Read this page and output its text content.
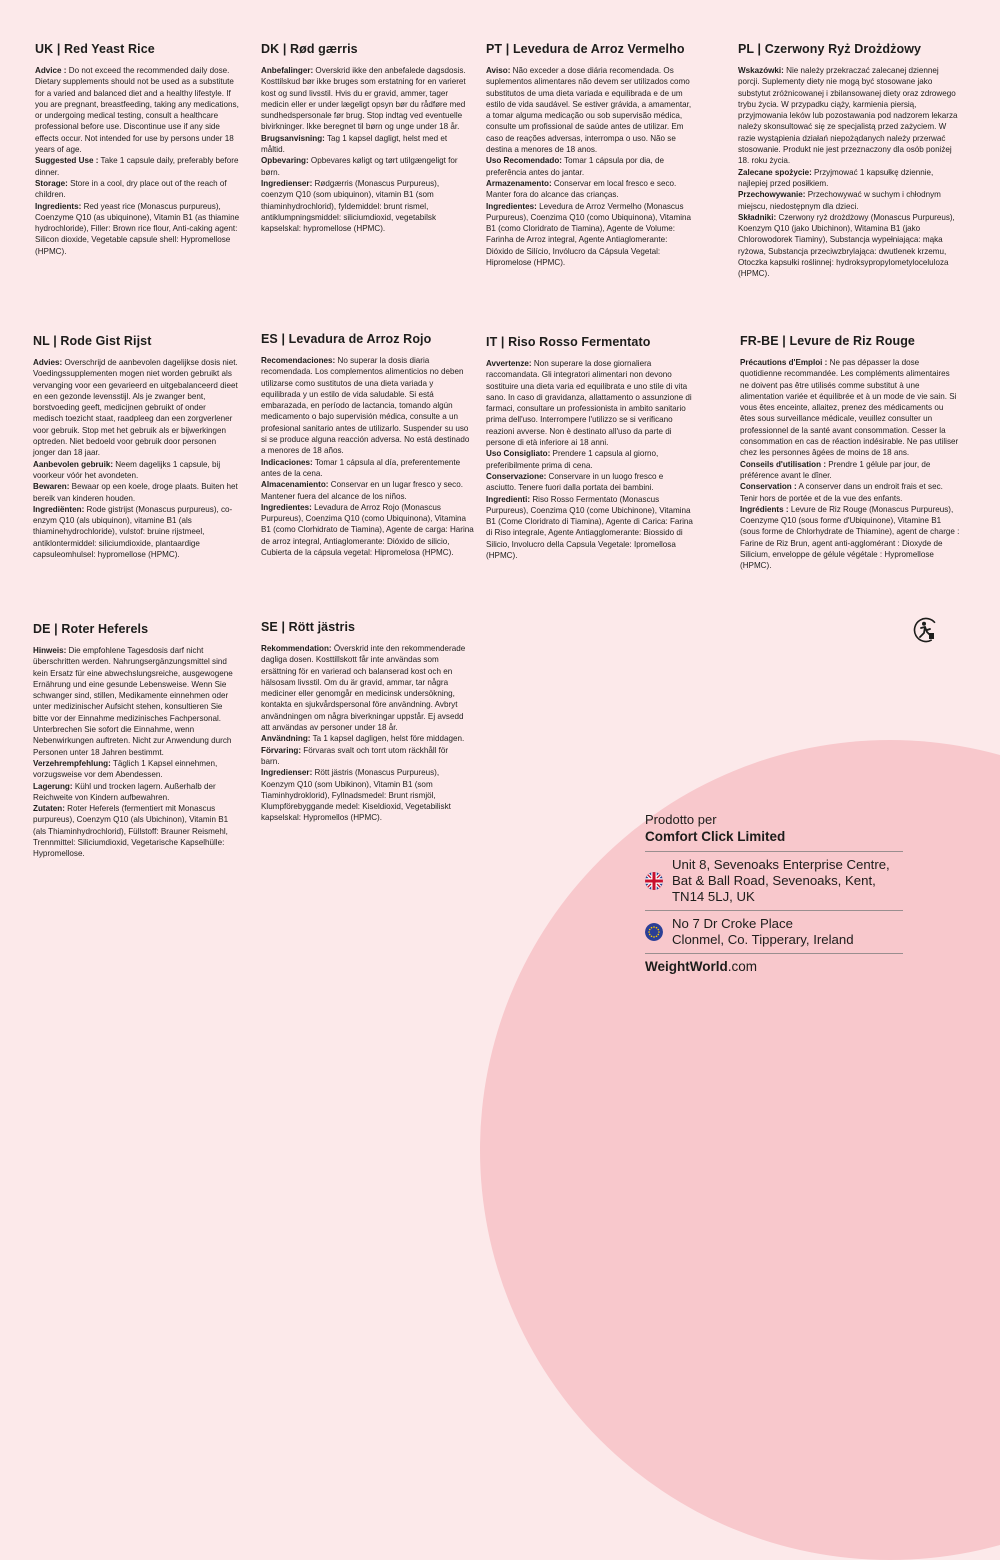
UK | Red Yeast Rice

Advice : Do not exceed the recommended daily dose. Dietary supplements should not be used as a substitute for a varied and balanced diet and a healthy lifestyle. If you are pregnant, breastfeeding, taking any medications, or undergoing medical testing, consult a healthcare professional before use. Discontinue use if any side effects occur. Not intended for use by persons under 18 years of age.

Suggested Use : Take 1 capsule daily, preferably before dinner.

Storage: Store in a cool, dry place out of the reach of children.

Ingredients: Red yeast rice (Monascus purpureus), Coenzyme Q10 (as ubiquinone), Vitamin B1 (as thiamine hydrochloride), Filler: Brown rice flour, Anti-caking agent: Silicon dioxide, Vegetable capsule shell: Hypromellose (HPMC).

DK | Rød gærris

Anbefalinger: Overskrid ikke den anbefalede dagsdosis. Kosttilskud bør ikke bruges som erstatning for en varieret kost og sund livsstil. Hvis du er gravid, ammer, tager medicin eller er under lægeligt opsyn bør du rådføre med sundhedspersonale før brug. Stop indtag ved eventuelle bivirkninger. Ikke beregnet til børn og unge under 18 år.

Brugsanvisning: Tag 1 kapsel dagligt, helst med et måltid.

Opbevaring: Opbevares køligt og tørt utilgængeligt for børn.

Ingredienser: Rødgærris (Monascus Purpureus), coenzym Q10 (som ubiquinon), vitamin B1 (som thiaminhydrochlorid), fyldemiddel: brunt rismel, antiklumpningsmiddel: siliciumdioxid, vegetabilsk kapselskal: hypromellose (HPMC).

PT | Levedura de Arroz Vermelho

Aviso: Não exceder a dose diária recomendada. Os suplementos alimentares não devem ser utilizados como substitutos de uma dieta variada e equilibrada e de um estilo de vida saudável. Se estiver grávida, a amamentar, a tomar alguma medicação ou sob supervisão médica, consulte um profissional de saúde antes de utilizar. Em caso de reações adversas, interrompa o uso. Não se destina a menores de 18 anos.

Uso Recomendado: Tomar 1 cápsula por dia, de preferência antes do jantar.

Armazenamento: Conservar em local fresco e seco. Manter fora do alcance das crianças.

Ingredientes: Levedura de Arroz Vermelho (Monascus Purpureus), Coenzima Q10 (como Ubiquinona), Vitamina B1 (como Cloridrato de Tiamina), Agente de Volume: Farinha de Arroz integral, Agente Antiaglomerante: Dióxido de Silício, Invólucro da Cápsula Vegetal: Hipromelose (HPMC).

PL | Czerwony Ryż Drożdżowy

Wskazówki: Nie należy przekraczać zalecanej dziennej porcji. Suplementy diety nie mogą być stosowane jako substytut zróżnicowanej i zbilansowanej diety oraz zdrowego trybu życia. W przypadku ciąży, karmienia piersią, przyjmowania leków lub pozostawania pod nadzorem lekarza należy skonsultować się ze specjalistą przed zażyciem. W razie wystąpienia działań niepożądanych należy przerwać stosowanie. Produkt nie jest przeznaczony dla osób poniżej 18. roku życia.

Zalecane spożycie: Przyjmować 1 kapsułkę dziennie, najlepiej przed posiłkiem.

Przechowywanie: Przechowywać w suchym i chłodnym miejscu, niedostępnym dla dzieci.

Składniki: Czerwony ryż drożdżowy (Monascus Purpureus), Koenzym Q10 (jako Ubichinon), Witamina B1 (jako Chlorowodorek Tiaminy), Substancja wypełniająca: mąka ryżowa, Substancja przeciwzbrylająca: dwutlenek krzemu, Otoczka kapsułki roślinnej: hydroksypropylometyloceluloza (HPMC).

NL | Rode Gist Rijst

Advies: Overschrijd de aanbevolen dagelijkse dosis niet. Voedingssupplementen mogen niet worden gebruikt als vervanging voor een gevarieerd en uitgebalanceerd dieet en een gezonde levensstijl. Als je zwanger bent, borstvoeding geeft, medicijnen gebruikt of onder medisch toezicht staat, raadpleeg dan een zorgverlener voor gebruik. Stop met het gebruik als er bijwerkingen optreden. Niet bedoeld voor gebruik door personen jonger dan 18 jaar.

Aanbevolen gebruik: Neem dagelijks 1 capsule, bij voorkeur vóór het avondeten.

Bewaren: Bewaar op een koele, droge plaats. Buiten het bereik van kinderen houden.

Ingrediënten: Rode gistrijst (Monascus purpureus), co-enzym Q10 (als ubiquinon), vitamine B1 (als thiaminehydrochloride), vulstof: bruine rijstmeel, antiklontermiddel: siliciumdioxide, plantaardige capsuleomhulsel: hypromellose (HPMC).

ES | Levadura de Arroz Rojo

Recomendaciones: No superar la dosis diaria recomendada. Los complementos alimenticios no deben utilizarse como sustitutos de una dieta variada y equilibrada y un estilo de vida saludable. Si está embarazada, en período de lactancia, tomando algún medicamento o bajo supervisión médica, consulte a un profesional sanitario antes de utilizarlo. Suspender su uso si se produce alguna reacción adversa. No está destinado a menores de 18 años.

Indicaciones: Tomar 1 cápsula al día, preferentemente antes de la cena.

Almacenamiento: Conservar en un lugar fresco y seco. Mantener fuera del alcance de los niños.

Ingredientes: Levadura de Arroz Rojo (Monascus Purpureus), Coenzima Q10 (como Ubiquinona), Vitamina B1 (como Clorhidrato de Tiamina), Agente de carga: Harina de arroz integral, Antiaglomerante: Dióxido de silicio, Cubierta de la cápsula vegetal: Hipromelosa (HPMC).

IT | Riso Rosso Fermentato

Avvertenze: Non superare la dose giornaliera raccomandata. Gli integratori alimentari non devono sostituire una dieta varia ed equilibrata e uno stile di vita sano. In caso di gravidanza, allattamento o assunzione di farmaci, consultare un professionista in ambito sanitario prima dell'uso. Interrompere l'utilizzo se si verificano reazioni avverse. Non è destinato all'uso da parte di persone di età inferiore ai 18 anni.

Uso Consigliato: Prendere 1 capsula al giorno, preferibilmente prima di cena.

Conservazione: Conservare in un luogo fresco e asciutto. Tenere fuori dalla portata dei bambini.

Ingredienti: Riso Rosso Fermentato (Monascus Purpureus), Coenzima Q10 (come Ubichinone), Vitamina B1 (Come Cloridrato di Tiamina), Agente di Carica: Farina di Riso integrale, Agente Antiagglomerante: Biossido di Silicio, Involucro della Capsula Vegetale: Ipromellosa (HPMC).

FR-BE | Levure de Riz Rouge

Précautions d'Emploi : Ne pas dépasser la dose quotidienne recommandée. Les compléments alimentaires ne doivent pas être utilisés comme substitut à une alimentation variée et équilibrée et à un mode de vie sain. Si vous êtes enceinte, allaitez, prenez des médicaments ou êtes sous surveillance médicale, veuillez consulter un professionnel de la santé avant consommation. Cesser la consommation en cas de réaction indésirable. Ne pas utiliser chez les personnes âgées de moins de 18 ans.

Conseils d'utilisation : Prendre 1 gélule par jour, de préférence avant le dîner.

Conservation : A conserver dans un endroit frais et sec. Tenir hors de portée et de la vue des enfants.

Ingrédients : Levure de Riz Rouge (Monascus Purpureus), Coenzyme Q10 (sous forme d'Ubiquinone), Vitamine B1 (sous forme de Chlorhydrate de Thiamine), agent de charge : Farine de Riz Brun, agent anti-agglomérant : Dioxyde de Silicium, enveloppe de gélule végétale : Hypromellose (HPMC).

DE | Roter Heferels

Hinweis: Die empfohlene Tagesdosis darf nicht überschritten werden. Nahrungsergänzungsmittel sind kein Ersatz für eine abwechslungsreiche, ausgewogene Ernährung und eine gesunde Lebensweise. Wenn Sie schwanger sind, stillen, Medikamente einnehmen oder unter medizinischer Aufsicht stehen, konsultieren Sie bitte vor der Einnahme medizinisches Fachpersonal. Unterbrechen Sie sofort die Einnahme, wenn Nebenwirkungen auftreten. Nicht zur Anwendung durch Personen unter 18 Jahren bestimmt.

Verzehrempfehlung: Täglich 1 Kapsel einnehmen, vorzugsweise vor dem Abendessen.

Lagerung: Kühl und trocken lagern. Außerhalb der Reichweite von Kindern aufbewahren.

Zutaten: Roter Heferels (fermentiert mit Monascus purpureus), Coenzym Q10 (als Ubichinon), Vitamin B1 (als Thiaminhydrochlorid), Füllstoff: Brauner Reismehl, Trennmittel: Siliciumdioxid, Vegetarische Kapselhülle: Hypromellose.

SE | Rött jästris

Rekommendation: Överskrid inte den rekommenderade dagliga dosen. Kosttillskott får inte användas som ersättning för en varierad och balanserad kost och en hälsosam livsstil. Om du är gravid, ammar, tar några mediciner eller genomgår en medicinsk undersökning, kontakta en sjukvårdspersonal före användning. Avbryt användningen om några biverkningar uppstår. Ej avsedd att användas av personer under 18 år.

Användning: Ta 1 kapsel dagligen, helst före middagen.

Förvaring: Förvaras svalt och torrt utom räckhåll för barn.

Ingredienser: Rött jästris (Monascus Purpureus), Koenzym Q10 (som Ubikinon), Vitamin B1 (som Tiaminhydroklorid), Fyllnadsmedel: Brunt rismjöl, Klumpförebyggande medel: Kiseldioxid, Vegetabiliskt kapselskal: Hypromellos (HPMC).	Prodotto per
Comfort Click Limited
Unit 8, Sevenoaks Enterprise Centre,
Bat & Ball Road, Sevenoaks, Kent,
TN14 5LJ, UK
No 7 Dr Croke Place
Clonmel, Co. Tipperary, Ireland
WeightWorld.com
